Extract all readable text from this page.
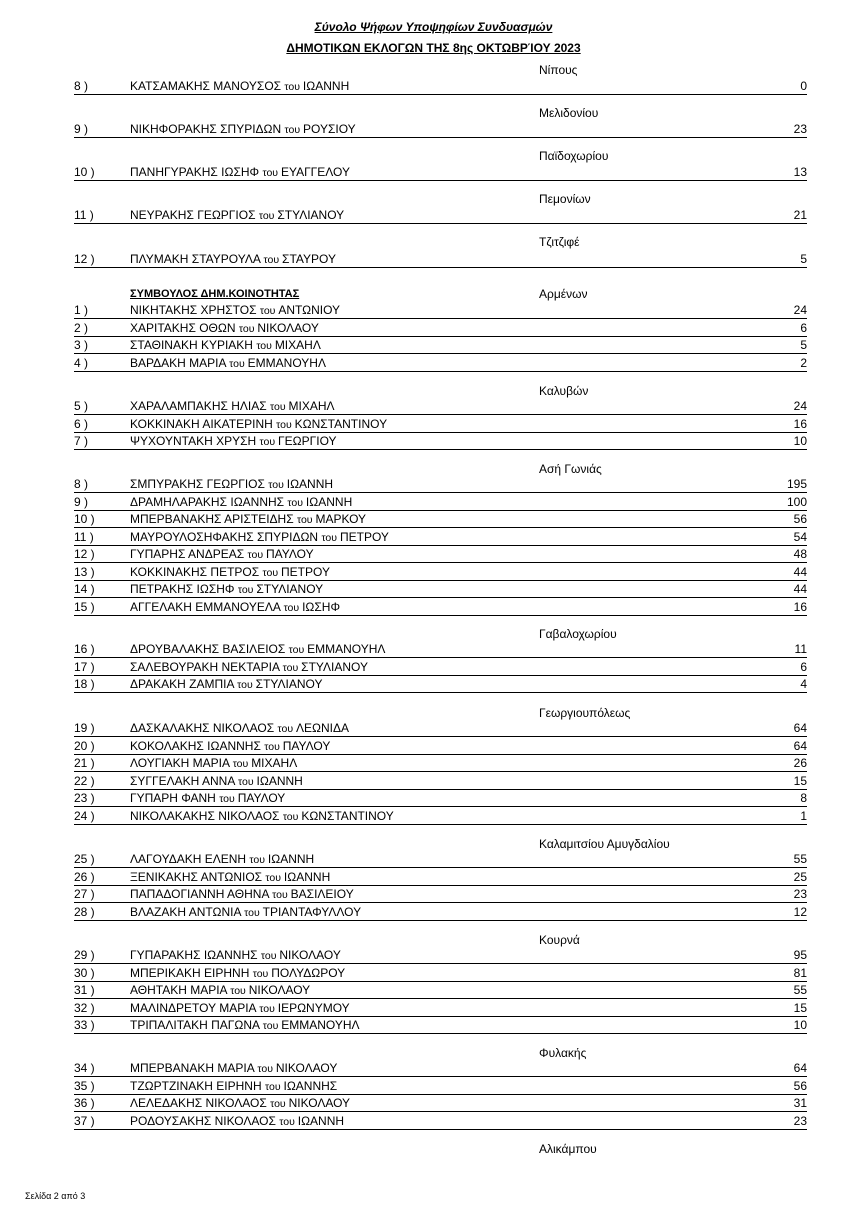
Σύνολο Ψήφων Υποψηφίων Συνδυασμών
ΔΗΜΟΤΙΚΩΝ ΕΚΛΟΓΩΝ ΤΗΣ 8ης ΟΚΤΩΒΡΊΟΥ 2023
Νίπους
8 )	ΚΑΤΣΑΜΑΚΗΣ ΜΑΝΟΥΣΟΣ του ΙΩΑΝΝΗ	0
Μελιδονίου
9 )	ΝΙΚΗΦΟΡΑΚΗΣ ΣΠΥΡΙΔΩΝ του ΡΟΥΣΙΟΥ	23
Παϊδοχωρίου
10 )	ΠΑΝΗΓΥΡΑΚΗΣ ΙΩΣΗΦ του ΕΥΑΓΓΕΛΟΥ	13
Πεμονίων
11 )	ΝΕΥΡΑΚΗΣ ΓΕΩΡΓΙΟΣ του ΣΤΥΛΙΑΝΟΥ	21
Τζιτζιφέ
12 )	ΠΛΥΜΑΚΗ ΣΤΑΥΡΟΥΛΑ του ΣΤΑΥΡΟΥ	5
Αρμένων
ΣΥΜΒΟΥΛΟΣ ΔΗΜ.ΚΟΙΝΟΤΗΤΑΣ
1 )	ΝΙΚΗΤΑΚΗΣ ΧΡΗΣΤΟΣ του ΑΝΤΩΝΙΟΥ	24
2 )	ΧΑΡΙΤΑΚΗΣ ΟΘΩΝ του ΝΙΚΟΛΑΟΥ	6
3 )	ΣΤΑΘΙΝΑΚΗ ΚΥΡΙΑΚΗ του ΜΙΧΑΗΛ	5
4 )	ΒΑΡΔΑΚΗ ΜΑΡΙΑ του ΕΜΜΑΝΟΥΗΛ	2
Καλυβών
5 )	ΧΑΡΑΛΑΜΠΑΚΗΣ ΗΛΙΑΣ του ΜΙΧΑΗΛ	24
6 )	ΚΟΚΚΙΝΑΚΗ ΑΙΚΑΤΕΡΙΝΗ του ΚΩΝΣΤΑΝΤΙΝΟΥ	16
7 )	ΨΥΧΟΥΝΤΑΚΗ ΧΡΥΣΗ του ΓΕΩΡΓΙΟΥ	10
Ασή Γωνιάς
8 )	ΣΜΠΥΡΑΚΗΣ ΓΕΩΡΓΙΟΣ του ΙΩΑΝΝΗ	195
9 )	ΔΡΑΜΗΛΑΡΑΚΗΣ ΙΩΑΝΝΗΣ του ΙΩΑΝΝΗ	100
10 )	ΜΠΕΡΒΑΝΑΚΗΣ ΑΡΙΣΤΕΙΔΗΣ του ΜΑΡΚΟΥ	56
11 )	ΜΑΥΡΟΥΛΟΣΗΦΑΚΗΣ ΣΠΥΡΙΔΩΝ του ΠΕΤΡΟΥ	54
12 )	ΓΥΠΑΡΗΣ ΑΝΔΡΕΑΣ του ΠΑΥΛΟΥ	48
13 )	ΚΟΚΚΙΝΑΚΗΣ ΠΕΤΡΟΣ του ΠΕΤΡΟΥ	44
14 )	ΠΕΤΡΑΚΗΣ ΙΩΣΗΦ του ΣΤΥΛΙΑΝΟΥ	44
15 )	ΑΓΓΕΛΑΚΗ ΕΜΜΑΝΟΥΕΛΑ του ΙΩΣΗΦ	16
Γαβαλοχωρίου
16 )	ΔΡΟΥΒΑΛΑΚΗΣ ΒΑΣΙΛΕΙΟΣ του ΕΜΜΑΝΟΥΗΛ	11
17 )	ΣΑΛΕΒΟΥΡΑΚΗ ΝΕΚΤΑΡΙΑ του ΣΤΥΛΙΑΝΟΥ	6
18 )	ΔΡΑΚΑΚΗ ΖΑΜΠΙΑ του ΣΤΥΛΙΑΝΟΥ	4
Γεωργιουπόλεως
19 )	ΔΑΣΚΑΛΑΚΗΣ ΝΙΚΟΛΑΟΣ του ΛΕΩΝΙΔΑ	64
20 )	ΚΟΚΟΛΑΚΗΣ ΙΩΑΝΝΗΣ του ΠΑΥΛΟΥ	64
21 )	ΛΟΥΓΙΑΚΗ ΜΑΡΙΑ του ΜΙΧΑΗΛ	26
22 )	ΣΥΓΓΕΛΑΚΗ ΑΝΝΑ του ΙΩΑΝΝΗ	15
23 )	ΓΥΠΑΡΗ ΦΑΝΗ του ΠΑΥΛΟΥ	8
24 )	ΝΙΚΟΛΑΚΑΚΗΣ ΝΙΚΟΛΑΟΣ του ΚΩΝΣΤΑΝΤΙΝΟΥ	1
Καλαμιτσίου Αμυγδαλίου
25 )	ΛΑΓΟΥΔΑΚΗ ΕΛΕΝΗ του ΙΩΑΝΝΗ	55
26 )	ΞΕΝΙΚΑΚΗΣ ΑΝΤΩΝΙΟΣ του ΙΩΑΝΝΗ	25
27 )	ΠΑΠΑΔΟΓΙΑΝΝΗ ΑΘΗΝΑ του ΒΑΣΙΛΕΙΟΥ	23
28 )	ΒΛΑΖΑΚΗ ΑΝΤΩΝΙΑ του ΤΡΙΑΝΤΑΦΥΛΛΟΥ	12
Κουρνά
29 )	ΓΥΠΑΡΑΚΗΣ ΙΩΑΝΝΗΣ του ΝΙΚΟΛΑΟΥ	95
30 )	ΜΠΕΡΙΚΑΚΗ ΕΙΡΗΝΗ του ΠΟΛΥΔΩΡΟΥ	81
31 )	ΑΘΗΤΑΚΗ ΜΑΡΙΑ του ΝΙΚΟΛΑΟΥ	55
32 )	ΜΑΛΙΝΔΡΕΤΟΥ ΜΑΡΙΑ του ΙΕΡΩΝΥΜΟΥ	15
33 )	ΤΡΙΠΑΛΙΤΑΚΗ ΠΑΓΩΝΑ του ΕΜΜΑΝΟΥΗΛ	10
Φυλακής
34 )	ΜΠΕΡΒΑΝΑΚΗ ΜΑΡΙΑ του ΝΙΚΟΛΑΟΥ	64
35 )	ΤΖΩΡΤΖΙΝΑΚΗ ΕΙΡΗΝΗ του ΙΩΑΝΝΗΣ	56
36 )	ΛΕΛΕΔΑΚΗΣ ΝΙΚΟΛΑΟΣ του ΝΙΚΟΛΑΟΥ	31
37 )	ΡΟΔΟΥΣΑΚΗΣ ΝΙΚΟΛΑΟΣ του ΙΩΑΝΝΗ	23
Αλικάμπου
Σελίδα 2 από 3
